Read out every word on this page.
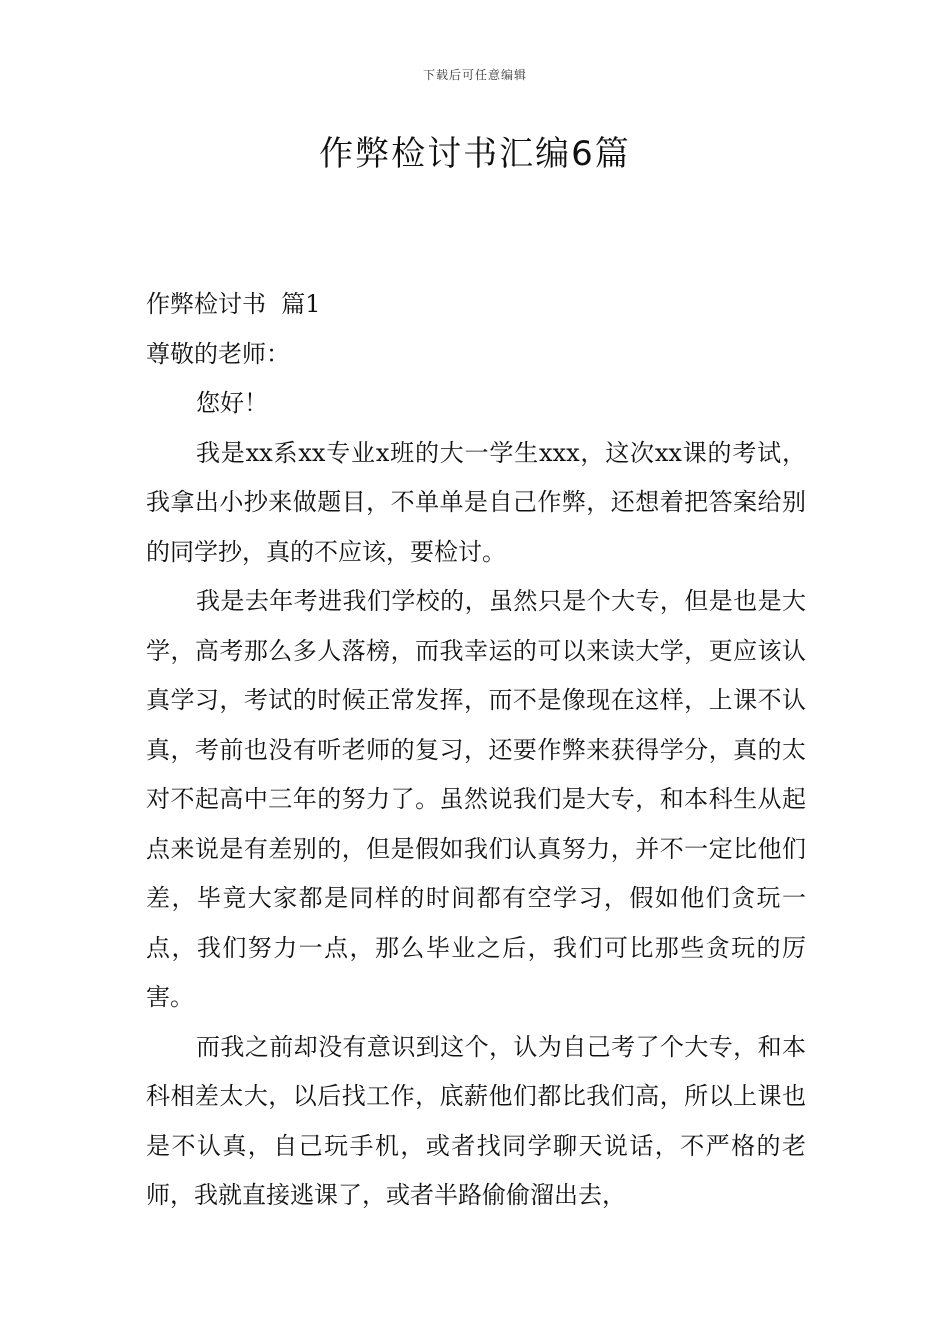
下载后可任意编辑
作弊检讨书汇编6篇

作弊检讨书  篇1

尊敬的老师：

您好！

我是xx系xx专业x班的大一学生xxx，这次xx课的考试，我拿出小抄来做题目，不单单是自己作弊，还想着把答案给别的同学抄，真的不应该，要检讨。

我是去年考进我们学校的，虽然只是个大专，但是也是大学，高考那么多人落榜，而我幸运的可以来读大学，更应该认真学习，考试的时候正常发挥，而不是像现在这样，上课不认真，考前也没有听老师的复习，还要作弊来获得学分，真的太对不起高中三年的努力了。虽然说我们是大专，和本科生从起点来说是有差别的，但是假如我们认真努力，并不一定比他们差，毕竟大家都是同样的时间都有空学习，假如他们贪玩一点，我们努力一点，那么毕业之后，我们可比那些贪玩的厉害。

而我之前却没有意识到这个，认为自己考了个大专，和本科相差太大，以后找工作，底薪他们都比我们高，所以上课也是不认真，自己玩手机，或者找同学聊天说话，不严格的老师，我就直接逃课了，或者半路偷偷溜出去，
